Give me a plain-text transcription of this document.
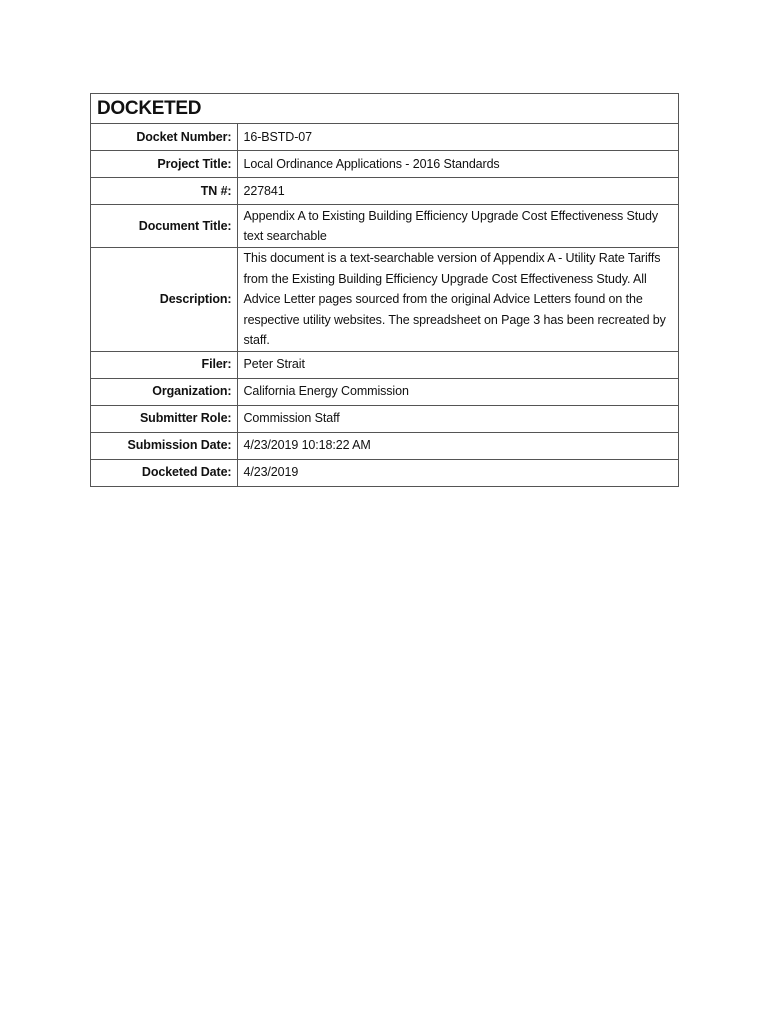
DOCKETED
Docket Number:	16-BSTD-07
Project Title:	Local Ordinance Applications - 2016 Standards
TN #:	227841
Document Title:	Appendix A to Existing Building Efficiency Upgrade Cost Effectiveness Study text searchable
Description:	This document is a text-searchable version of Appendix A - Utility Rate Tariffs from the Existing Building Efficiency Upgrade Cost Effectiveness Study. All Advice Letter pages sourced from the original Advice Letters found on the respective utility websites. The spreadsheet on Page 3 has been recreated by staff.
Filer:	Peter Strait
Organization:	California Energy Commission
Submitter Role:	Commission Staff
Submission Date:	4/23/2019 10:18:22 AM
Docketed Date:	4/23/2019
